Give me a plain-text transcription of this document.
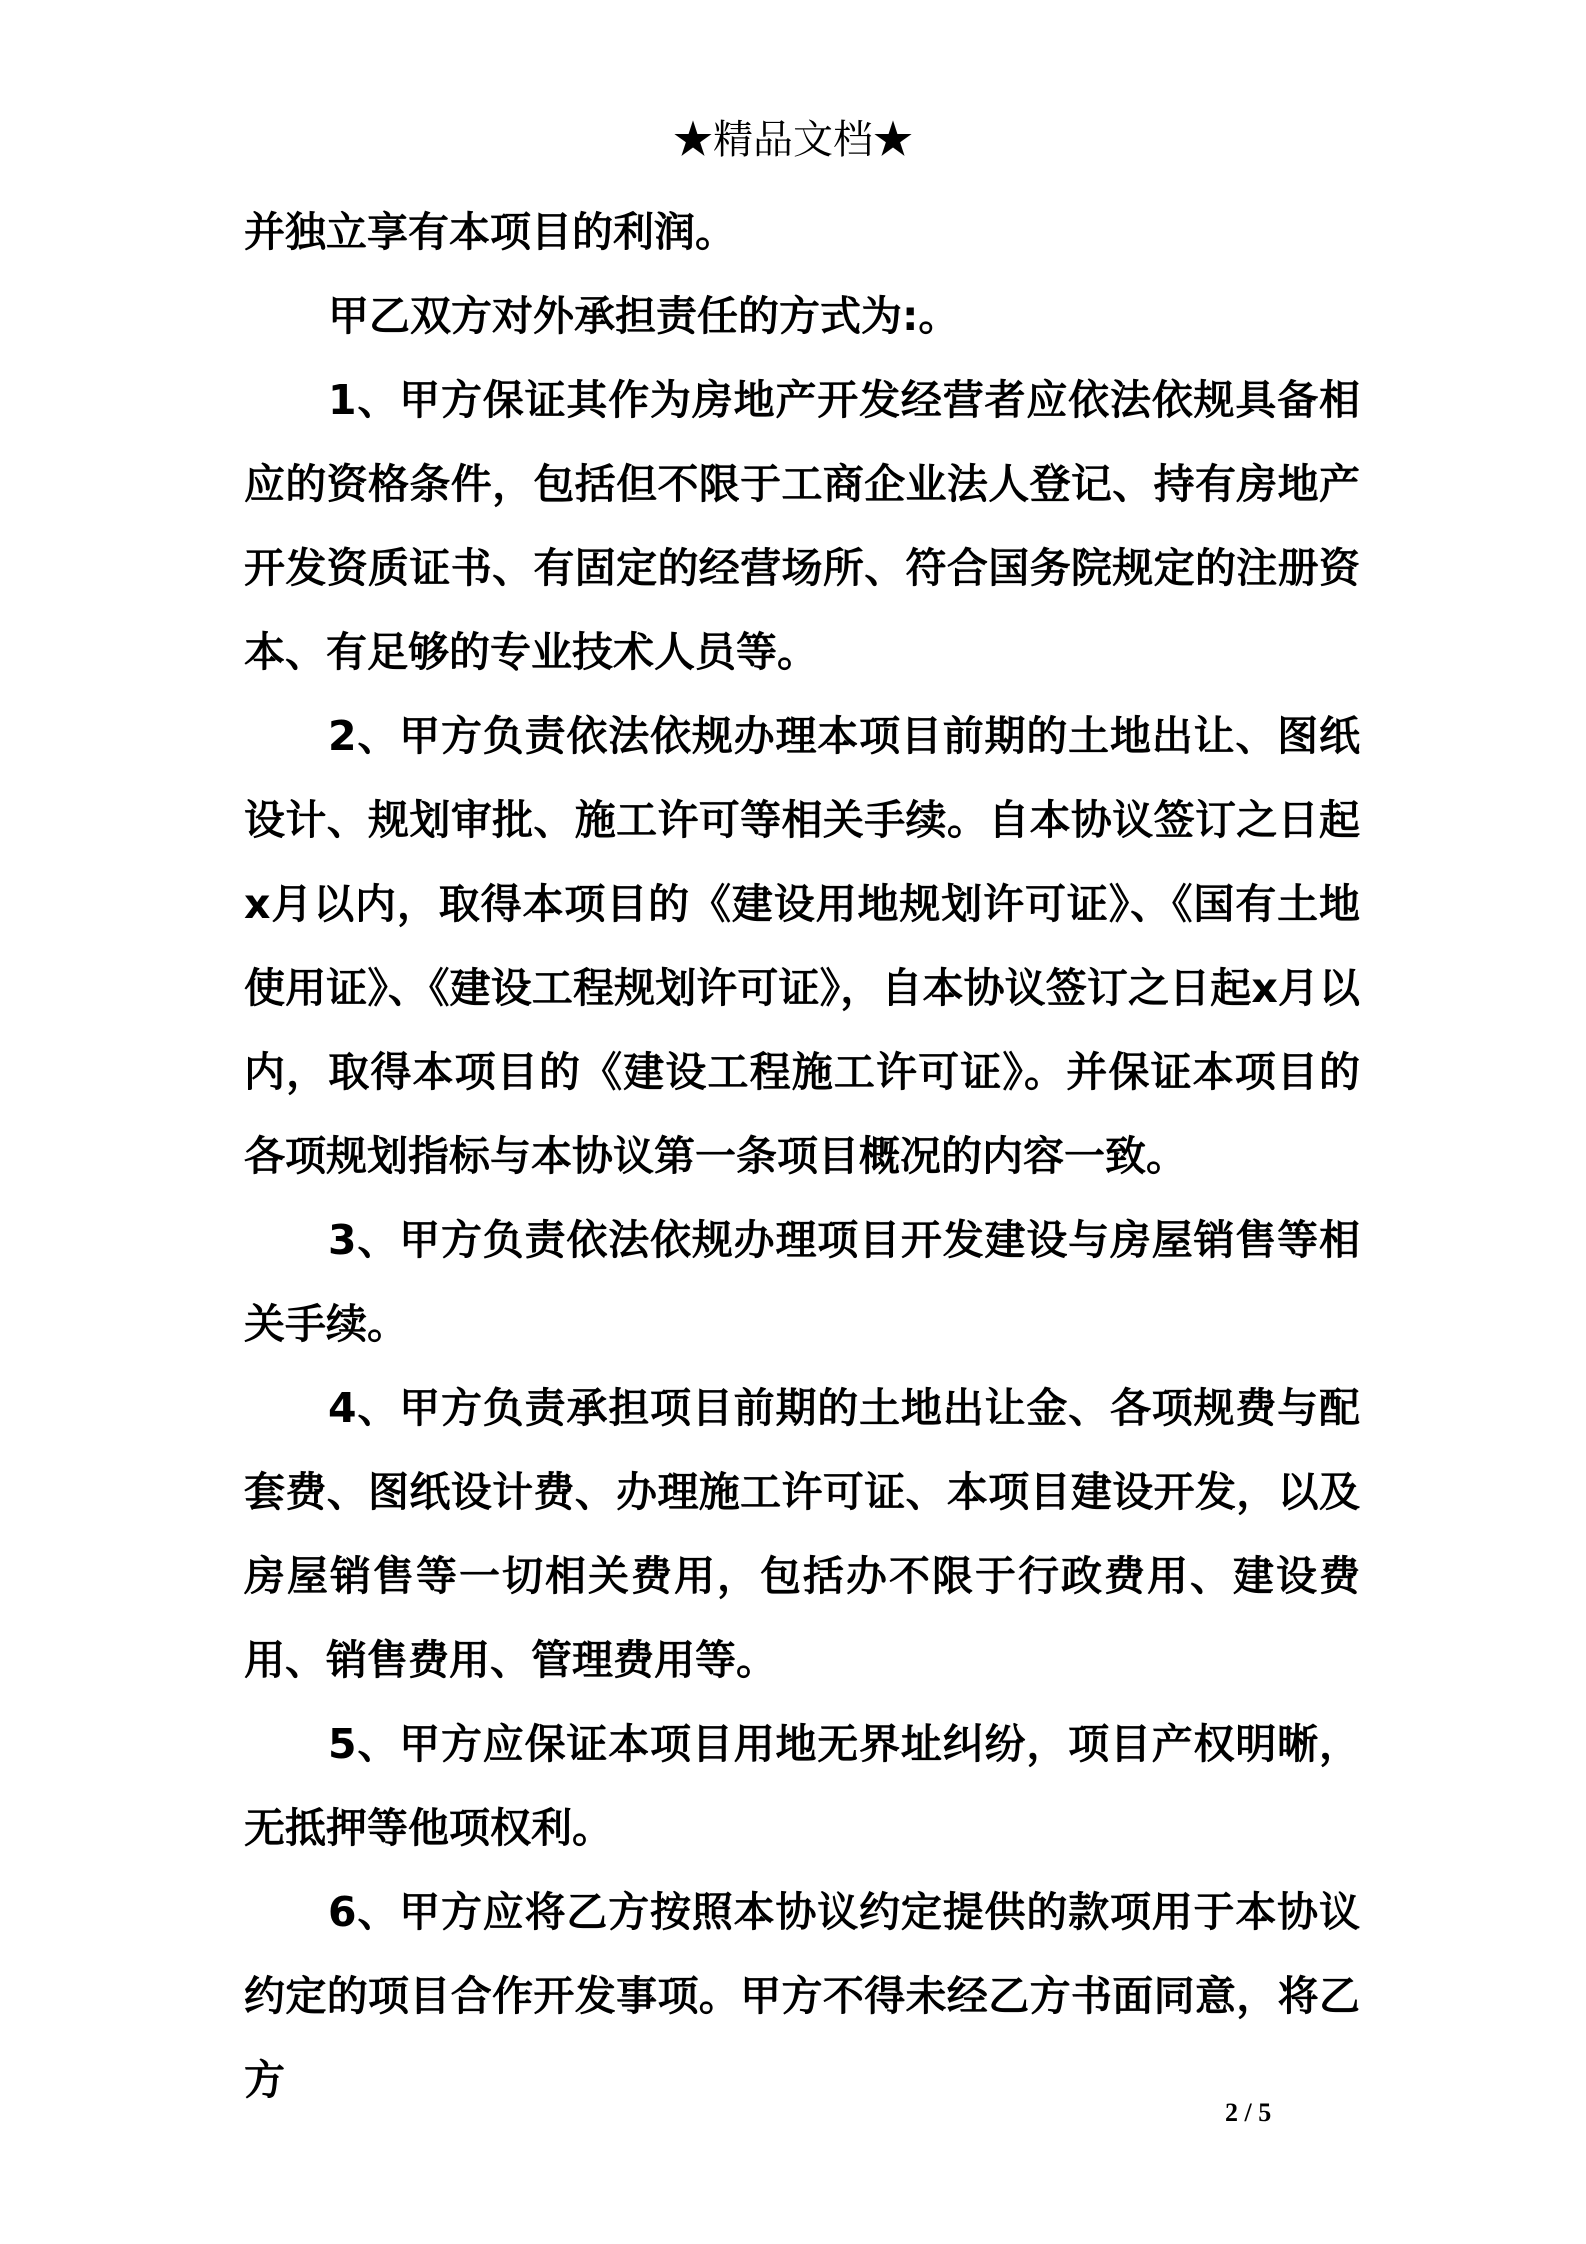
★精品文档★

并独立享有本项目的利润。

甲乙双方对外承担责任的方式为:。

1、甲方保证其作为房地产开发经营者应依法依规具备相应的资格条件，包括但不限于工商企业法人登记、持有房地产开发资质证书、有固定的经营场所、符合国务院规定的注册资本、有足够的专业技术人员等。

2、甲方负责依法依规办理本项目前期的土地出让、图纸设计、规划审批、施工许可等相关手续。自本协议签订之日起x月以内，取得本项目的《建设用地规划许可证》、《国有土地使用证》、《建设工程规划许可证》，自本协议签订之日起x月以内，取得本项目的《建设工程施工许可证》。并保证本项目的各项规划指标与本协议第一条项目概况的内容一致。

3、甲方负责依法依规办理项目开发建设与房屋销售等相关手续。

4、甲方负责承担项目前期的土地出让金、各项规费与配套费、图纸设计费、办理施工许可证、本项目建设开发，以及房屋销售等一切相关费用，包括办不限于行政费用、建设费用、销售费用、管理费用等。

5、甲方应保证本项目用地无界址纠纷，项目产权明晰，无抵押等他项权利。

6、甲方应将乙方按照本协议约定提供的款项用于本协议约定的项目合作开发事项。甲方不得未经乙方书面同意，将乙方

2 / 5
